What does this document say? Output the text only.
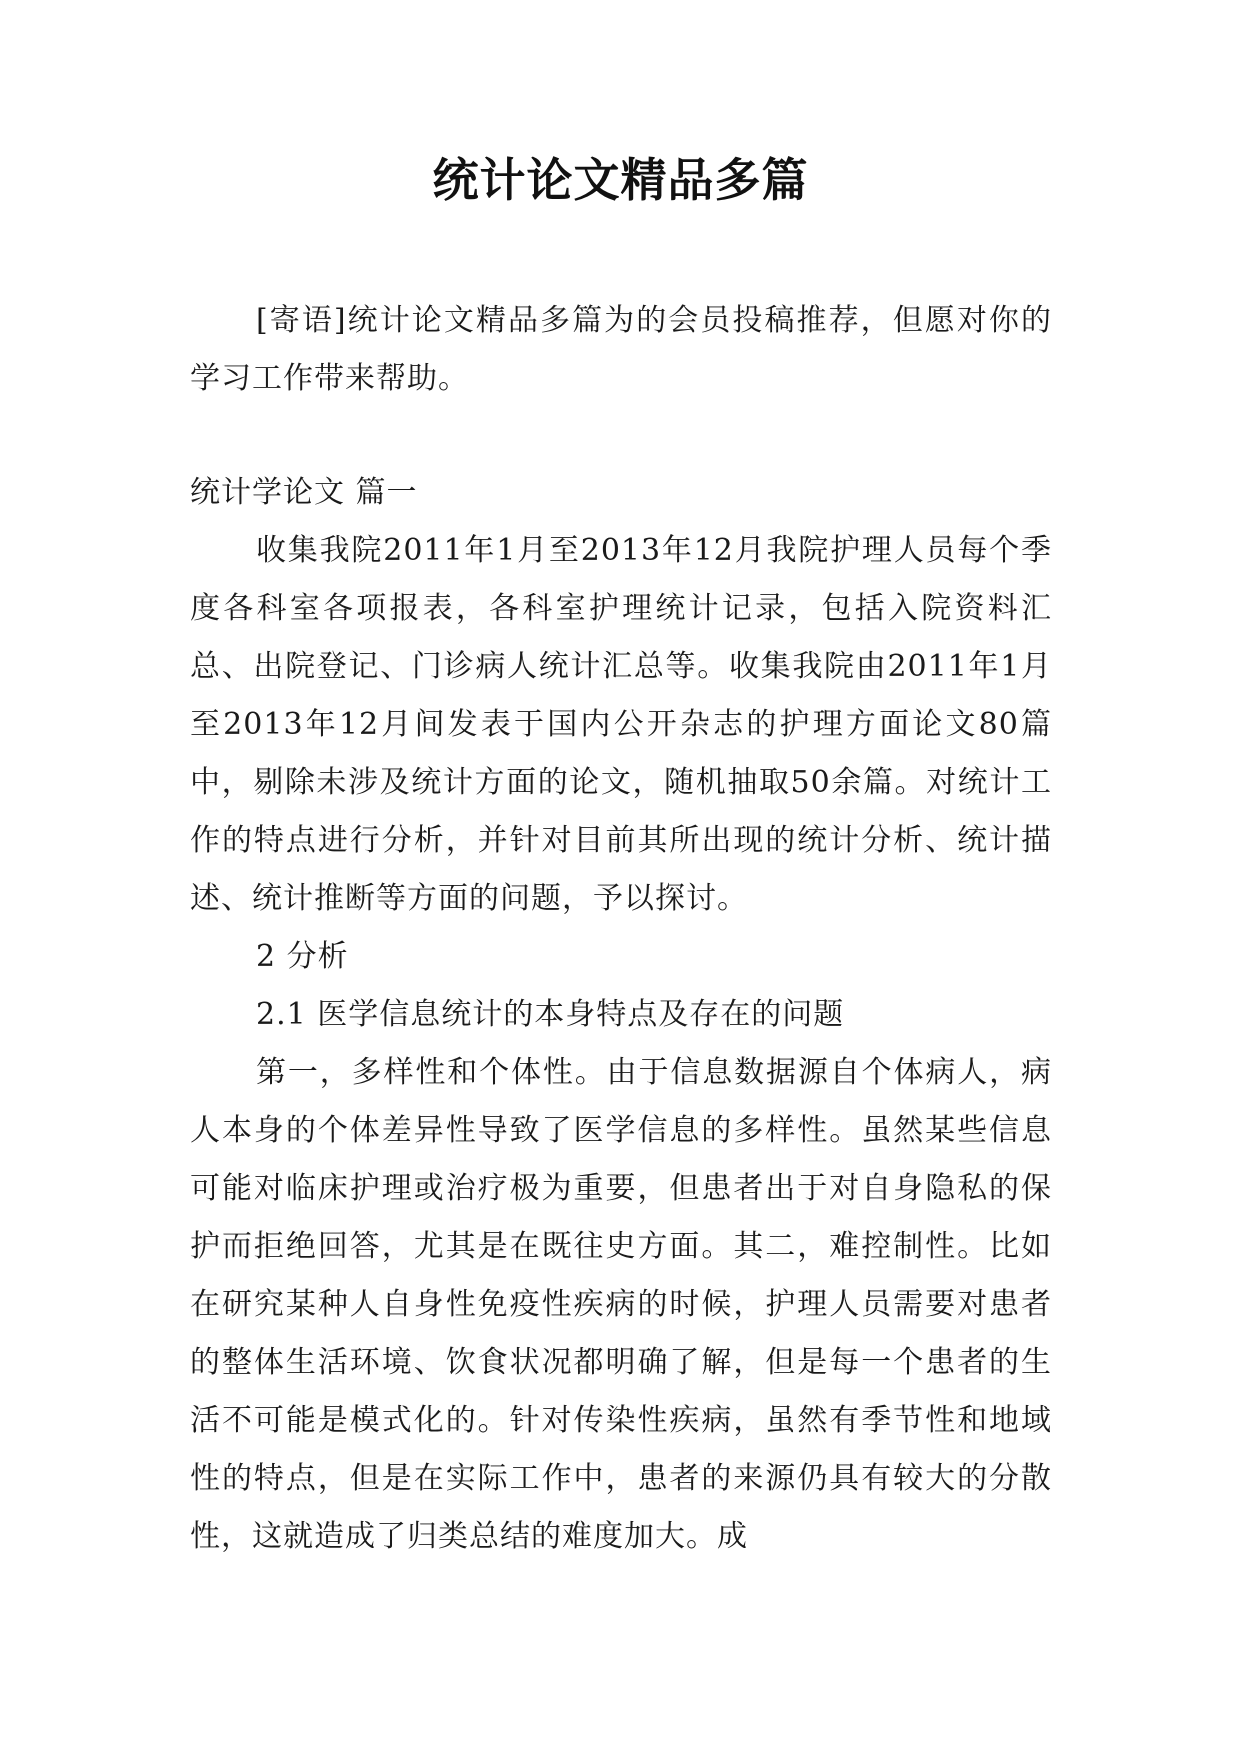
统计论文精品多篇

[寄语]统计论文精品多篇为的会员投稿推荐，但愿对你的学习工作带来帮助。

统计学论文 篇一

收集我院2011年1月至2013年12月我院护理人员每个季度各科室各项报表，各科室护理统计记录，包括入院资料汇总、出院登记、门诊病人统计汇总等。收集我院由2011年1月至2013年12月间发表于国内公开杂志的护理方面论文80篇中，剔除未涉及统计方面的论文，随机抽取50余篇。对统计工作的特点进行分析，并针对目前其所出现的统计分析、统计描述、统计推断等方面的问题，予以探讨。

2 分析

2.1 医学信息统计的本身特点及存在的问题

第一，多样性和个体性。由于信息数据源自个体病人，病人本身的个体差异性导致了医学信息的多样性。虽然某些信息可能对临床护理或治疗极为重要，但患者出于对自身隐私的保护而拒绝回答，尤其是在既往史方面。其二，难控制性。比如在研究某种人自身性免疫性疾病的时候，护理人员需要对患者的整体生活环境、饮食状况都明确了解，但是每一个患者的生活不可能是模式化的。针对传染性疾病，虽然有季节性和地域性的特点，但是在实际工作中，患者的来源仍具有较大的分散性，这就造成了归类总结的难度加大。成
